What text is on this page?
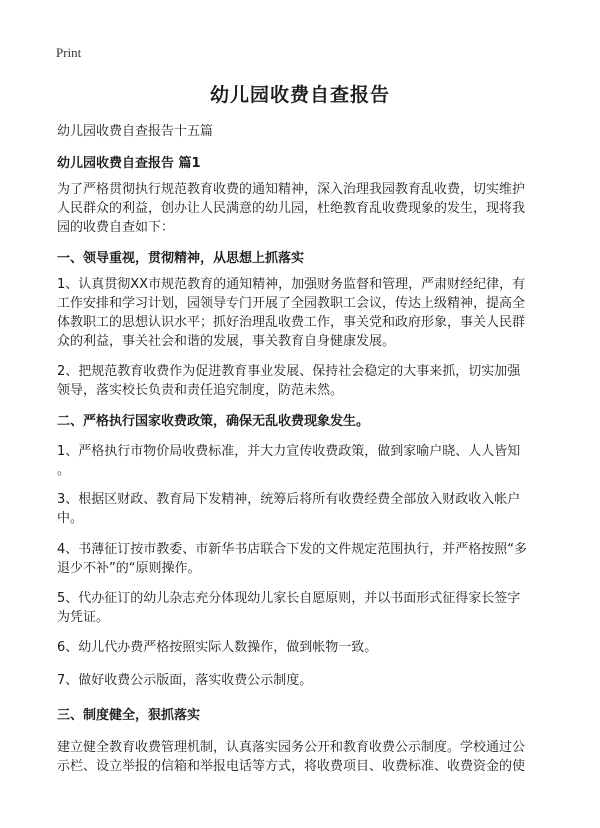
Print
幼儿园收费自查报告

幼儿园收费自查报告十五篇

幼儿园收费自查报告 篇1

为了严格贯彻执行规范教育收费的通知精神，深入治理我园教育乱收费，切实维护
人民群众的利益，创办让人民满意的幼儿园，杜绝教育乱收费现象的发生，现将我
园的收费自查如下：

一、领导重视，贯彻精神，从思想上抓落实

1、认真贯彻XX市规范教育的通知精神，加强财务监督和管理，严肃财经纪律，有
工作安排和学习计划，园领导专门开展了全园教职工会议，传达上级精神，提高全
体教职工的思想认识水平；抓好治理乱收费工作，事关党和政府形象，事关人民群
众的利益，事关社会和谐的发展，事关教育自身健康发展。

2、把规范教育收费作为促进教育事业发展、保持社会稳定的大事来抓，切实加强
领导，落实校长负责和责任追究制度，防范未然。

二、严格执行国家收费政策，确保无乱收费现象发生。

1、严格执行市物价局收费标准，并大力宣传收费政策，做到家喻户晓、人人皆知
。

3、根据区财政、教育局下发精神，统筹后将所有收费经费全部放入财政收入帐户
中。

4、书薄征订按市教委、市新华书店联合下发的文件规定范围执行，并严格按照“多
退少不补”的“原则操作。

5、代办征订的幼儿杂志充分体现幼儿家长自愿原则，并以书面形式征得家长签字
为凭证。

6、幼儿代办费严格按照实际人数操作，做到帐物一致。

7、做好收费公示版面，落实收费公示制度。

三、制度健全，狠抓落实

建立健全教育收费管理机制，认真落实园务公开和教育收费公示制度。学校通过公
示栏、设立举报的信箱和举报电话等方式，将收费项目、收费标准、收费资金的使
